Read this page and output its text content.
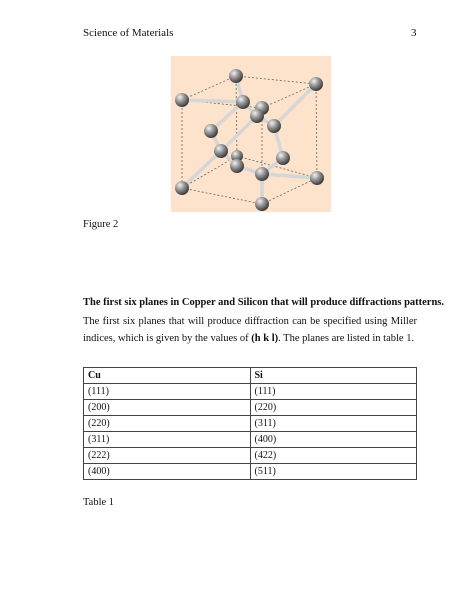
Science of Materials	3
Figure 2
The first six planes in Copper and Silicon that will produce diffractions patterns.
The first six planes that will produce diffraction can be specified using Miller indices, which is given by the values of (h k l). The planes are listed in table 1.
Cu	Si
(111)	(111)
(200)	(220)
(220)	(311)
(311)	(400)
(222)	(422)
(400)	(511)
Table 1
